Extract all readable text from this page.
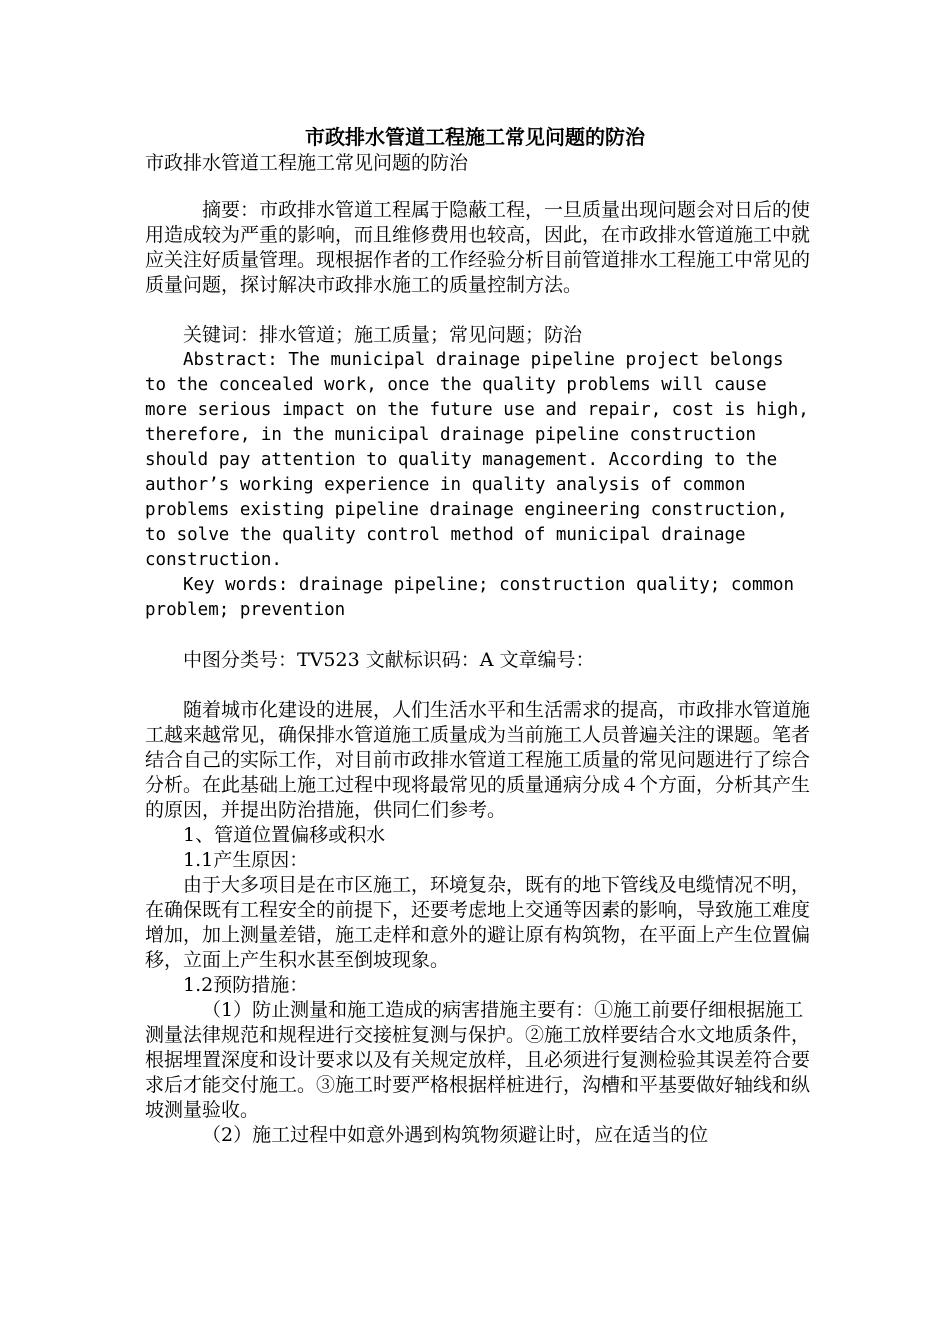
市政排水管道工程施工常见问题的防治
市政排水管道工程施工常见问题的防治

摘要：市政排水管道工程属于隐蔽工程，一旦质量出现问题会对日后的使用造成较为严重的影响，而且维修费用也较高，因此，在市政排水管道施工中就应关注好质量管理。现根据作者的工作经验分析目前管道排水工程施工中常见的质量问题，探讨解决市政排水施工的质量控制方法。

关键词：排水管道；施工质量；常见问题；防治

Abstract: The municipal drainage pipeline project belongs to the concealed work, once the quality problems will cause more serious impact on the future use and repair, cost is high, therefore, in the municipal drainage pipeline construction should pay attention to quality management. According to the author’s working experience in quality analysis of common problems existing pipeline drainage engineering construction, to solve the quality control method of municipal drainage construction.

Key words: drainage pipeline; construction quality; common problem; prevention

中图分类号：TV523 文献标识码：A 文章编号：

随着城市化建设的进展，人们生活水平和生活需求的提高，市政排水管道施工越来越常见，确保排水管道施工质量成为当前施工人员普遍关注的课题。笔者结合自己的实际工作，对目前市政排水管道工程施工质量的常见问题进行了综合分析。在此基础上施工过程中现将最常见的质量通病分成４个方面，分析其产生的原因，并提出防治措施，供同仁们参考。

1、管道位置偏移或积水

1.1产生原因：

由于大多项目是在市区施工，环境复杂，既有的地下管线及电缆情况不明，在确保既有工程安全的前提下，还要考虑地上交通等因素的影响，导致施工难度增加，加上测量差错，施工走样和意外的避让原有构筑物，在平面上产生位置偏移，立面上产生积水甚至倒坡现象。

1.2预防措施：

（1）防止测量和施工造成的病害措施主要有：①施工前要仔细根据施工测量法律规范和规程进行交接桩复测与保护。②施工放样要结合水文地质条件，根据埋置深度和设计要求以及有关规定放样，且必须进行复测检验其误差符合要求后才能交付施工。③施工时要严格根据样桩进行，沟槽和平基要做好轴线和纵坡测量验收。

（2）施工过程中如意外遇到构筑物须避让时，应在适当的位
